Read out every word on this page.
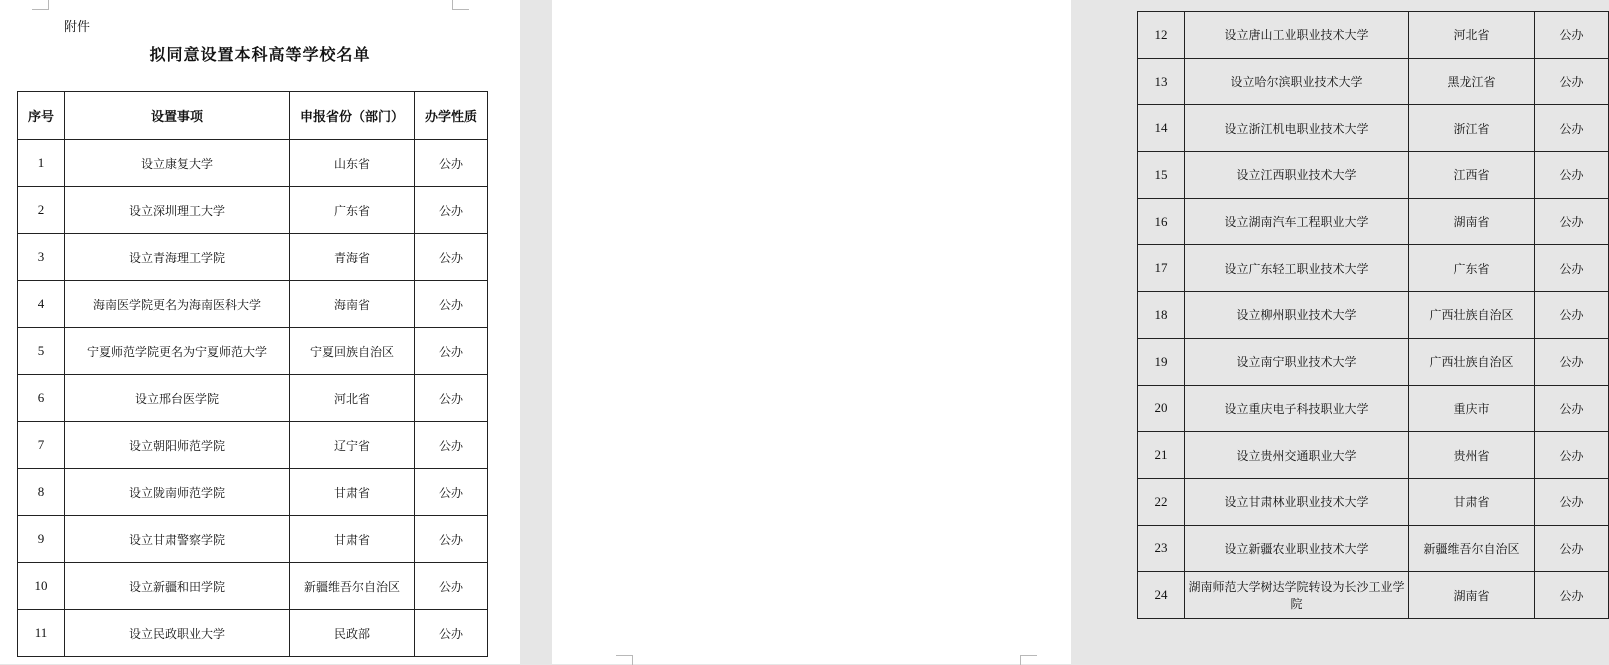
附件
拟同意设置本科高等学校名单
序号	设置事项	申报省份（部门）	办学性质
1	设立康复大学	山东省	公办
2	设立深圳理工大学	广东省	公办
3	设立青海理工学院	青海省	公办
4	海南医学院更名为海南医科大学	海南省	公办
5	宁夏师范学院更名为宁夏师范大学	宁夏回族自治区	公办
6	设立邢台医学院	河北省	公办
7	设立朝阳师范学院	辽宁省	公办
8	设立陇南师范学院	甘肃省	公办
9	设立甘肃警察学院	甘肃省	公办
10	设立新疆和田学院	新疆维吾尔自治区	公办
11	设立民政职业大学	民政部	公办
12	设立唐山工业职业技术大学	河北省	公办
13	设立哈尔滨职业技术大学	黑龙江省	公办
14	设立浙江机电职业技术大学	浙江省	公办
15	设立江西职业技术大学	江西省	公办
16	设立湖南汽车工程职业大学	湖南省	公办
17	设立广东轻工职业技术大学	广东省	公办
18	设立柳州职业技术大学	广西壮族自治区	公办
19	设立南宁职业技术大学	广西壮族自治区	公办
20	设立重庆电子科技职业大学	重庆市	公办
21	设立贵州交通职业大学	贵州省	公办
22	设立甘肃林业职业技术大学	甘肃省	公办
23	设立新疆农业职业技术大学	新疆维吾尔自治区	公办
24	湖南师范大学树达学院转设为长沙工业学院	湖南省	公办
